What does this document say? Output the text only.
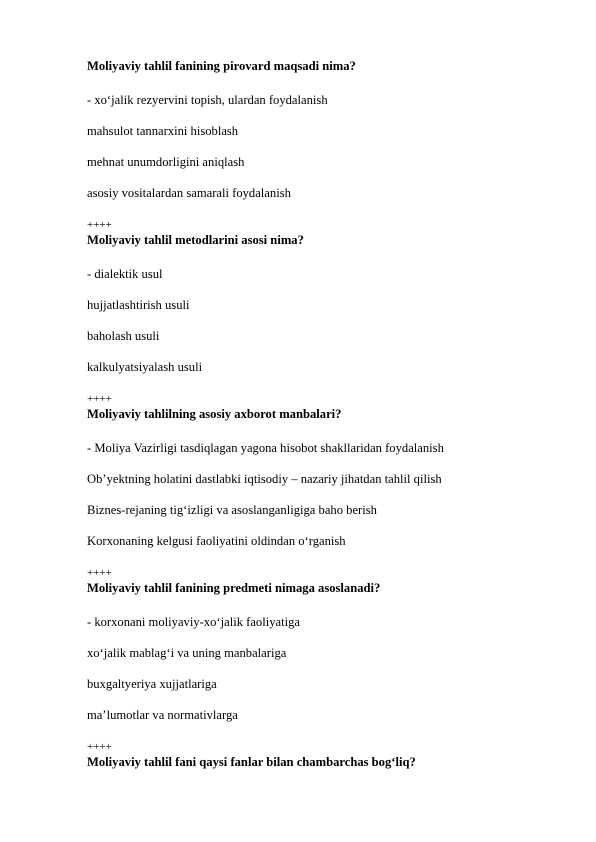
Moliyaviy tahlil fanining pirovard maqsadi nima?
- xo‘jalik rezyervini topish, ulardan foydalanish
mahsulot tannarxini hisoblash
mehnat unumdorligini aniqlash
asosiy vositalardan samarali foydalanish
++++
Moliyaviy tahlil metodlarini asosi nima?
- dialektik usul
hujjatlashtirish usuli
baholash usuli
kalkulyatsiyalash usuli
++++
Moliyaviy tahlilning asosiy axborot manbalari?
- Moliya Vazirligi tasdiqlagan yagona hisobot shakllaridan foydalanish
Ob’yektning holatini dastlabki iqtisodiy – nazariy jihatdan tahlil qilish
Biznes-rejaning tig‘izligi va asoslanganligiga baho berish
Korxonaning kelgusi faoliyatini oldindan o‘rganish
++++
Moliyaviy tahlil fanining predmeti nimaga asoslanadi?
- korxonani moliyaviy-xo‘jalik faoliyatiga
xo‘jalik mablag‘i va uning manbalariga
buxgaltyeriya xujjatlariga
ma’lumotlar va normativlarga
++++
Moliyaviy tahlil fani qaysi fanlar bilan chambarchas bog‘liq?
